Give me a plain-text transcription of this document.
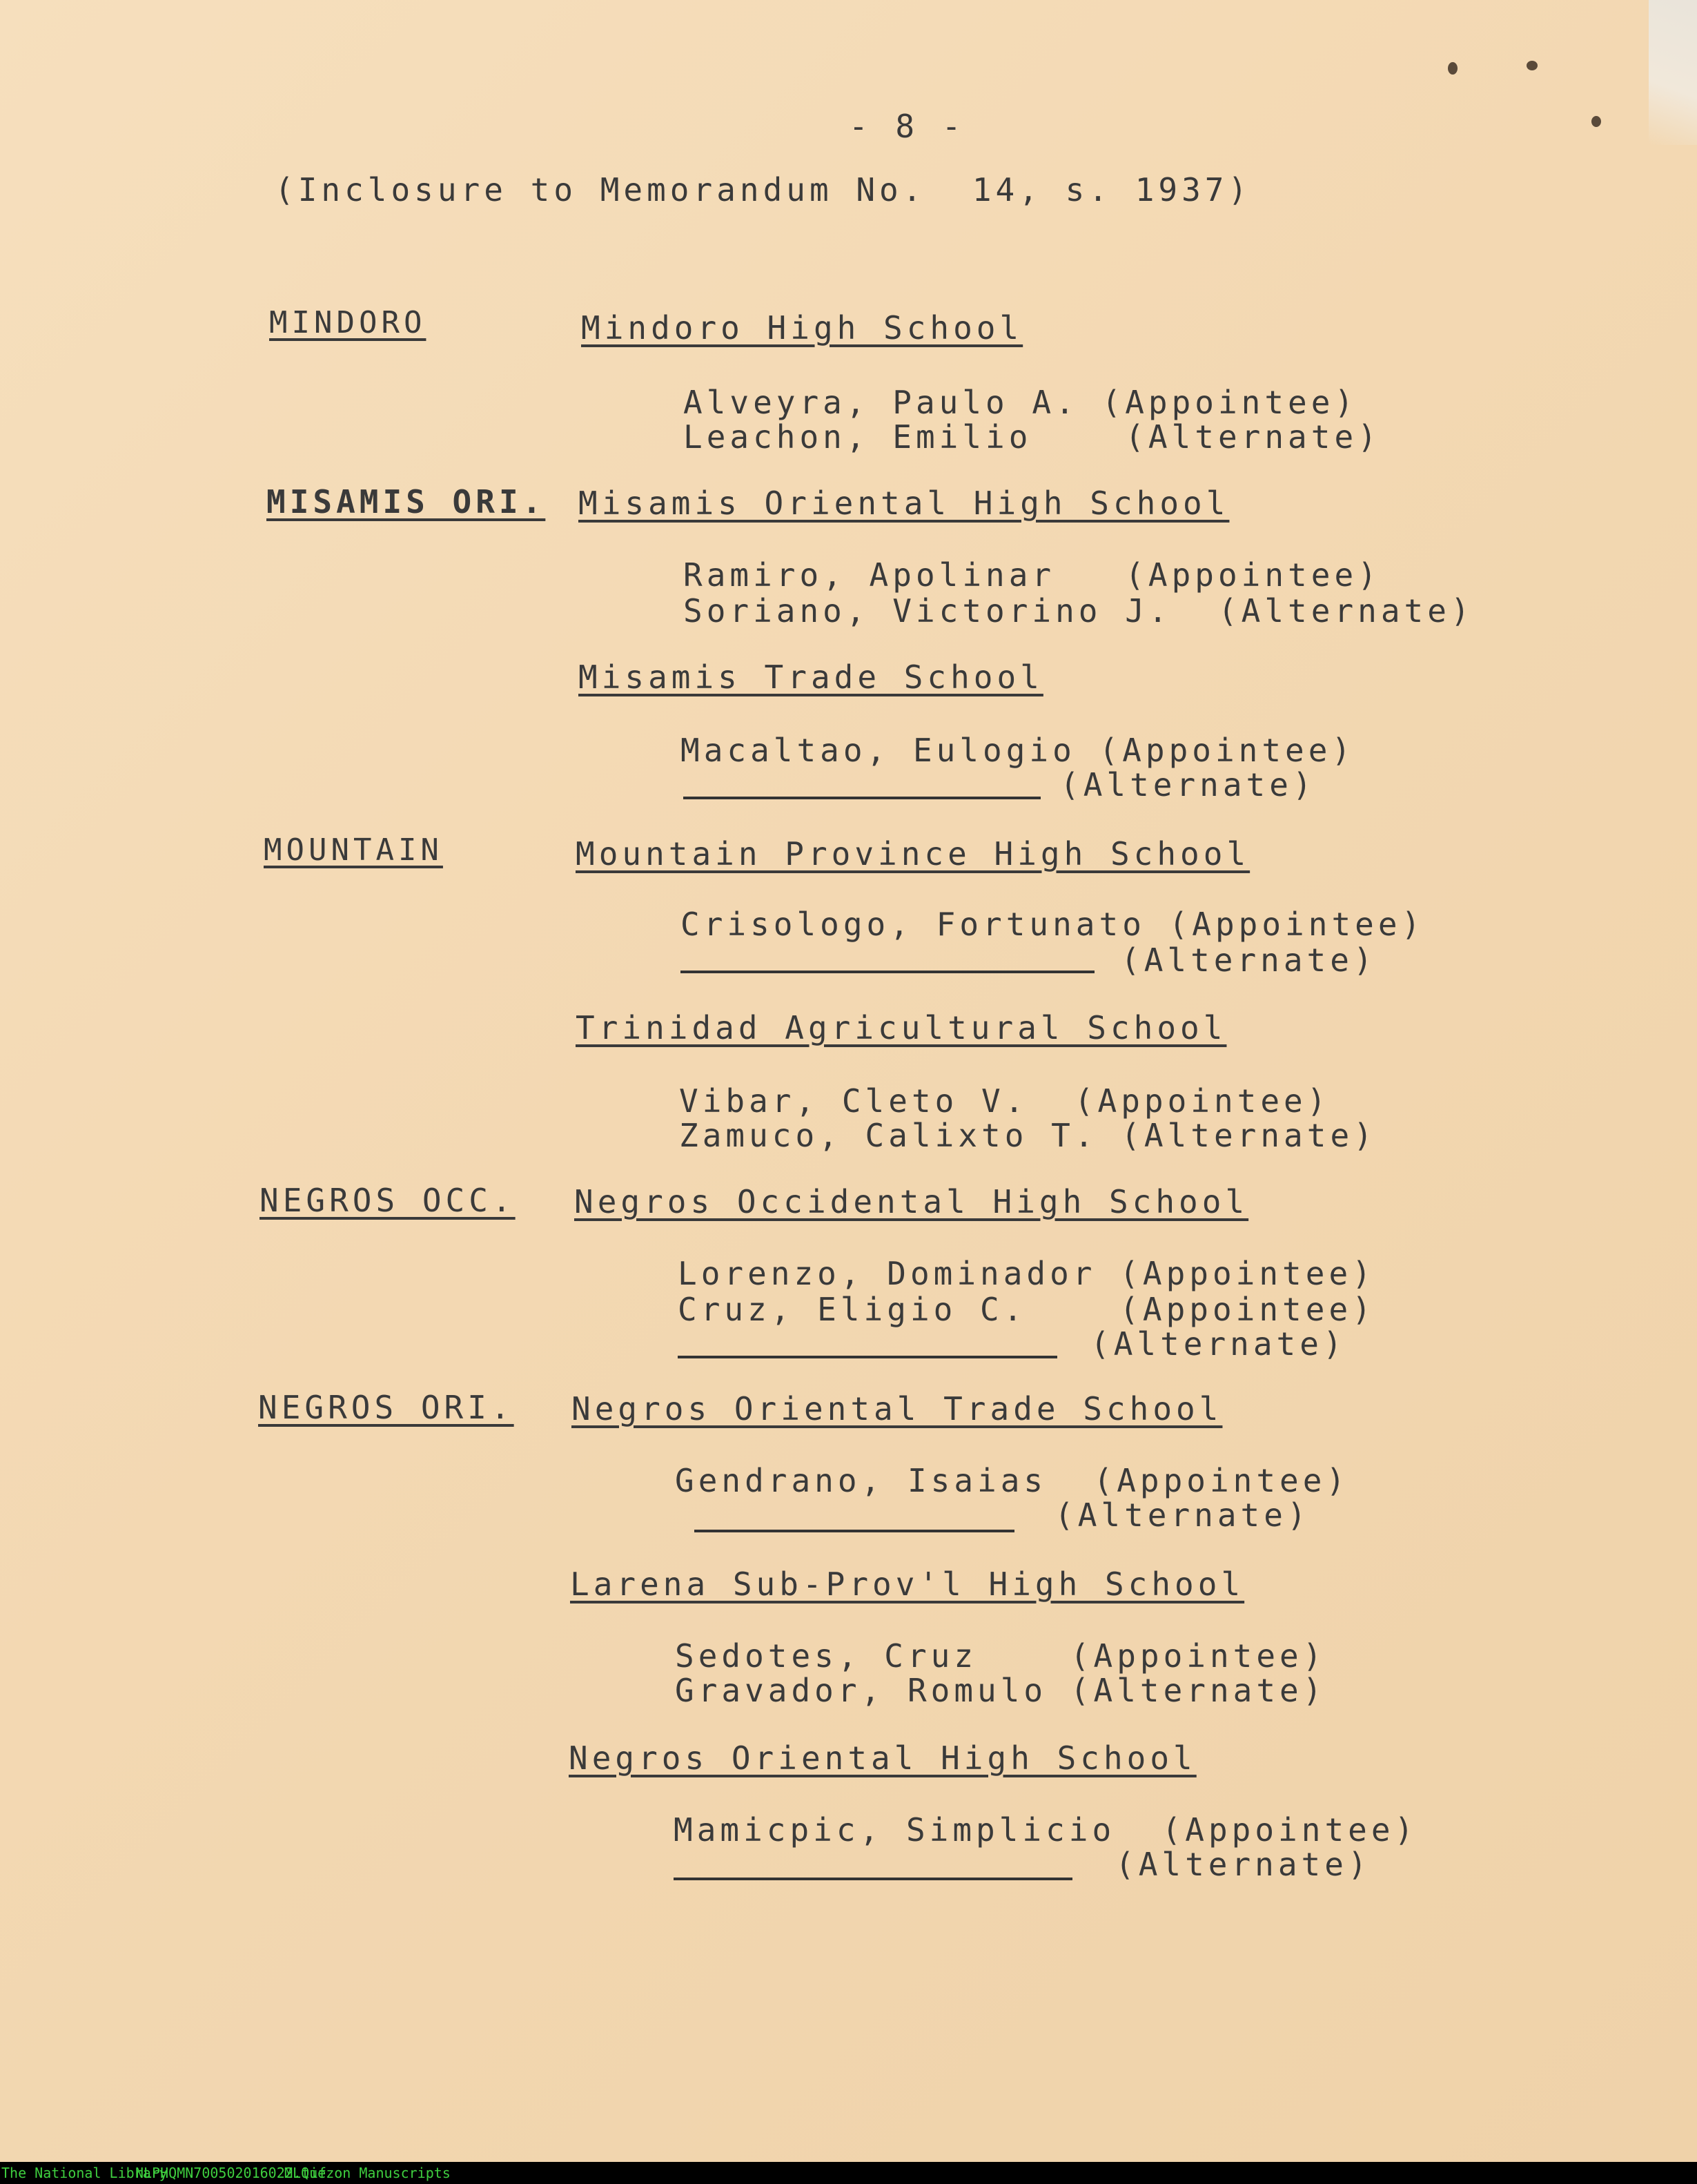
- 8 -
(Inclosure to Memorandum No.  14, s. 1937)
MINDORO	Mindoro High School
Alveyra, Paulo A. (Appointee)
Leachon, Emilio    (Alternate)
MISAMIS ORI. Misamis Oriental High School
Ramiro, Apolinar   (Appointee)
Soriano, Victorino J.  (Alternate)
Misamis Trade School
Macaltao, Eulogio (Appointee)
(Alternate)
MOUNTAIN	Mountain Province High School
Crisologo, Fortunato (Appointee)
(Alternate)
Trinidad Agricultural School
Vibar, Cleto V.  (Appointee)
Zamuco, Calixto T. (Alternate)
NEGROS OCC. Negros Occidental High School
Lorenzo, Dominador (Appointee)
Cruz, Eligio C.    (Appointee)
(Alternate)
NEGROS ORI. Negros Oriental Trade School
Gendrano, Isaias  (Appointee)
(Alternate)
Larena Sub-Prov'l High School
Sedotes, Cruz    (Appointee)
Gravador, Romulo (Alternate)
Negros Oriental High School
Mamicpic, Simplicio  (Appointee)
(Alternate)
The National Library
NLPHQMN700502016022.tif
MLQuezon Manuscripts
